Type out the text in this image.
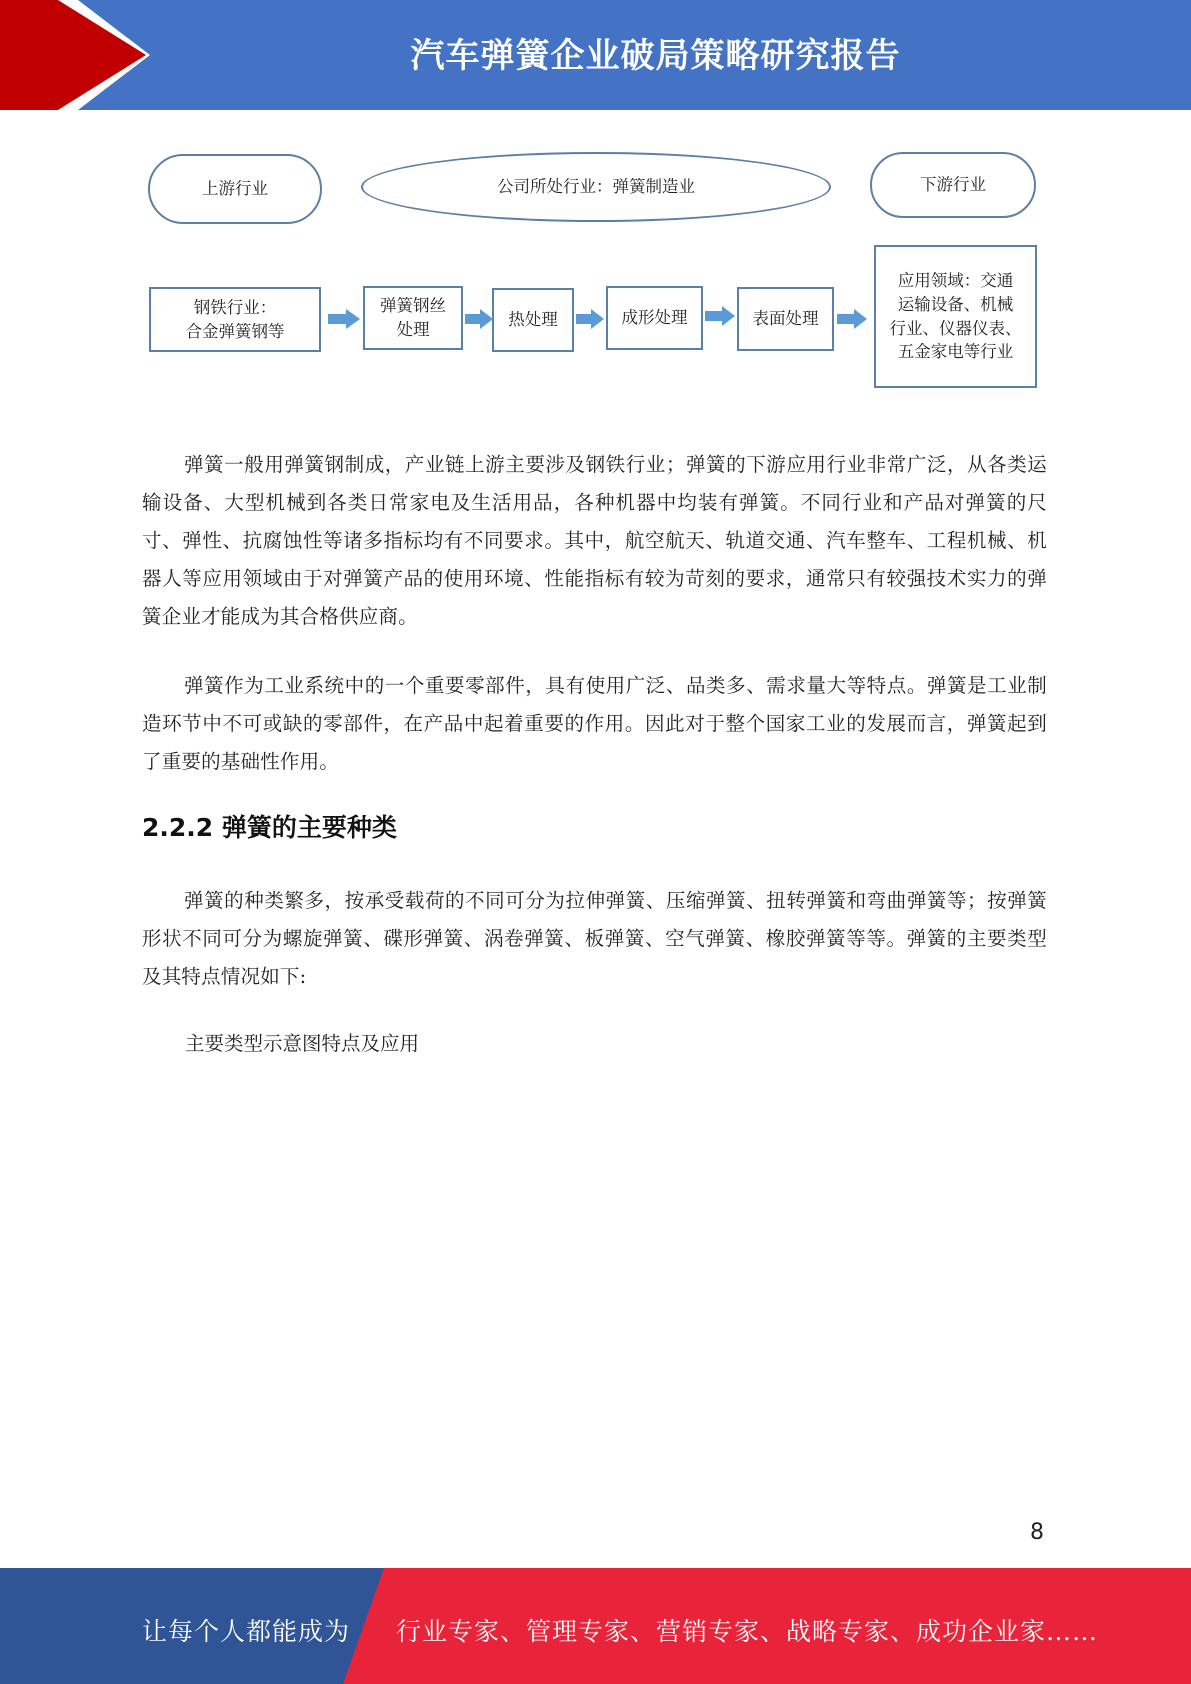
汽车弹簧企业破局策略研究报告
上游行业	公司所处行业：弹簧制造业	下游行业
钢铁行业：
合金弹簧钢等
弹簧钢丝
处理
热处理	成形处理	表面处理
应用领域：交通
运输设备、机械
行业、仪器仪表、
五金家电等行业

弹簧一般用弹簧钢制成，产业链上游主要涉及钢铁行业；弹簧的下游应用行业非常广泛，从各类运输设备、大型机械到各类日常家电及生活用品，各种机器中均装有弹簧。不同行业和产品对弹簧的尺寸、弹性、抗腐蚀性等诸多指标均有不同要求。其中，航空航天、轨道交通、汽车整车、工程机械、机器人等应用领域由于对弹簧产品的使用环境、性能指标有较为苛刻的要求，通常只有较强技术实力的弹簧企业才能成为其合格供应商。

弹簧作为工业系统中的一个重要零部件，具有使用广泛、品类多、需求量大等特点。弹簧是工业制造环节中不可或缺的零部件，在产品中起着重要的作用。因此对于整个国家工业的发展而言，弹簧起到了重要的基础性作用。

2.2.2 弹簧的主要种类

弹簧的种类繁多，按承受载荷的不同可分为拉伸弹簧、压缩弹簧、扭转弹簧和弯曲弹簧等；按弹簧形状不同可分为螺旋弹簧、碟形弹簧、涡卷弹簧、板弹簧、空气弹簧、橡胶弹簧等等。弹簧的主要类型及其特点情况如下:

主要类型示意图特点及应用

8
让每个人都能成为 行业专家、管理专家、营销专家、战略专家、成功企业家……
